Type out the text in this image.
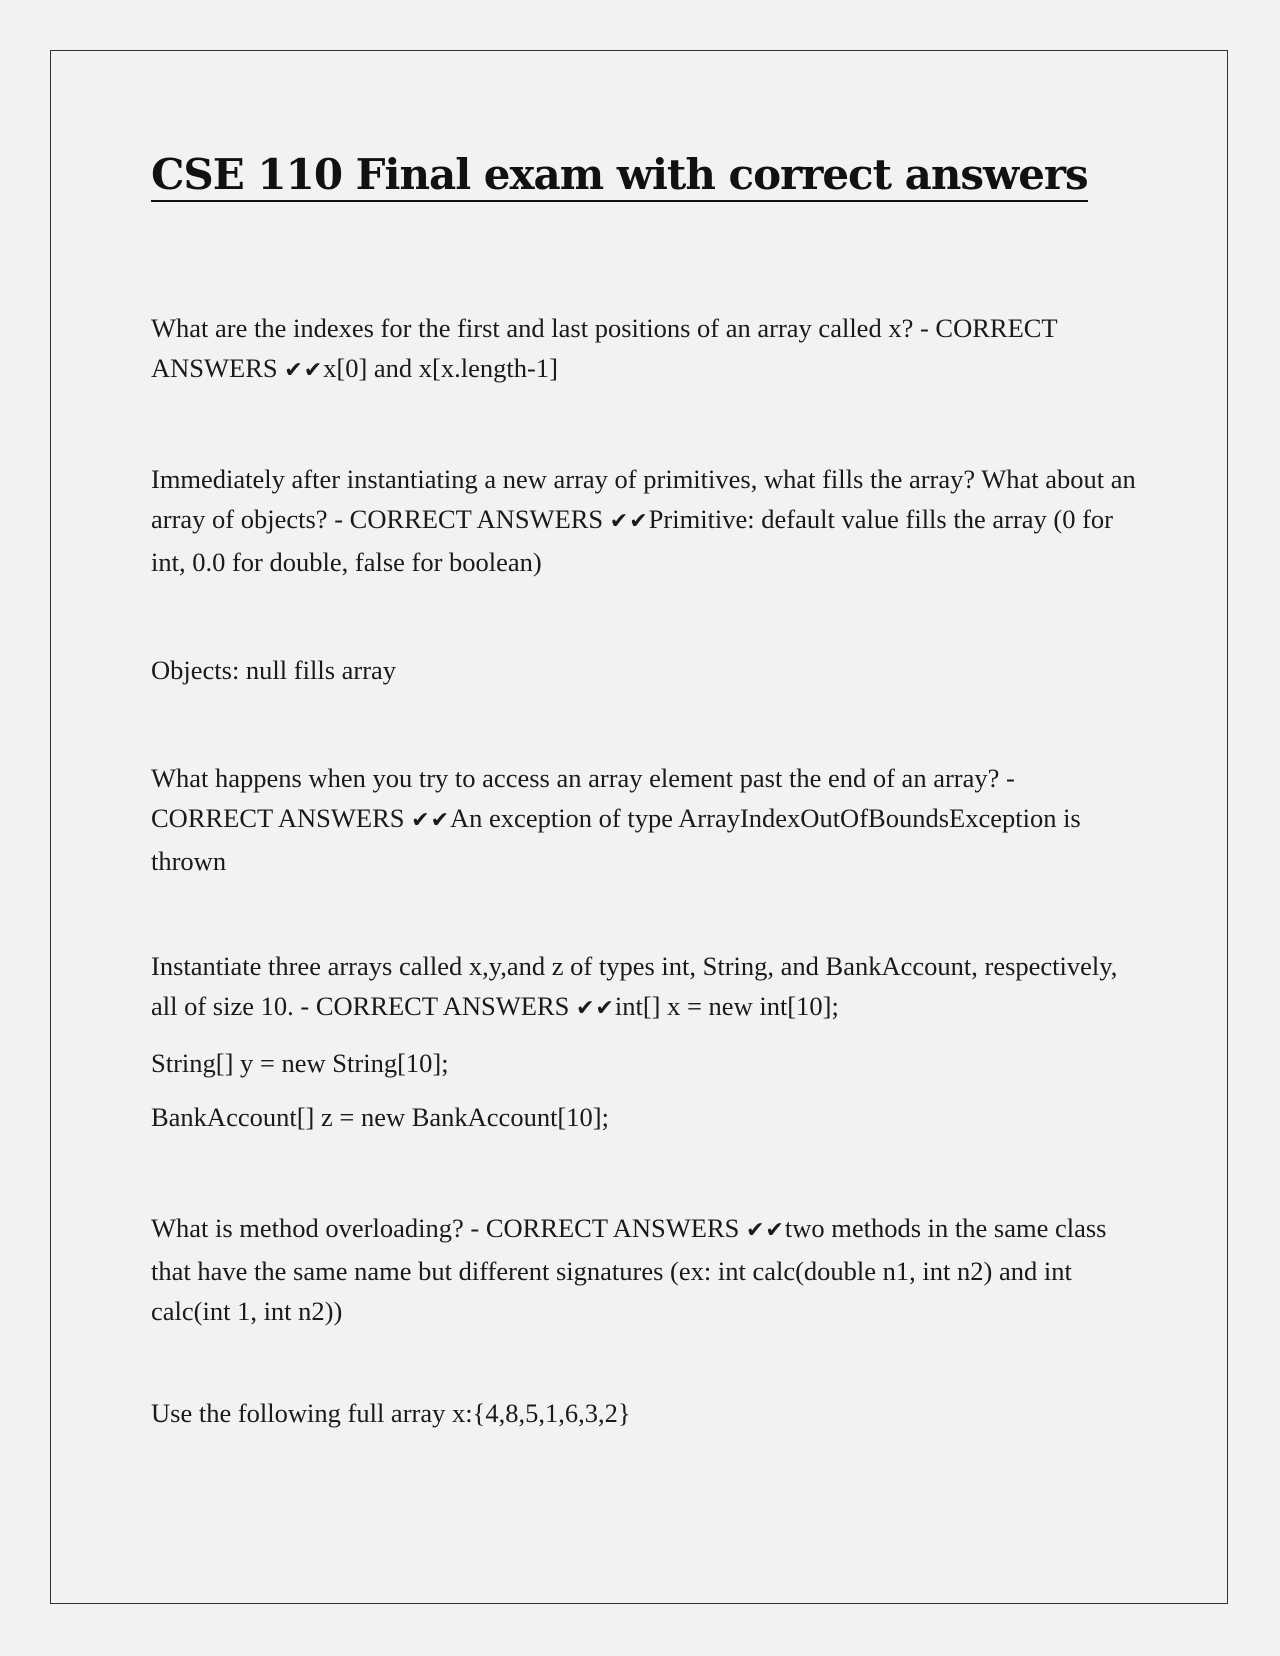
CSE 110 Final exam with correct answers

What are the indexes for the first and last positions of an array called x? - CORRECT ANSWERS ✔✔x[0] and x[x.length-1]

Immediately after instantiating a new array of primitives, what fills the array? What about an array of objects? - CORRECT ANSWERS ✔✔Primitive: default value fills the array (0 for int, 0.0 for double, false for boolean)

Objects: null fills array

What happens when you try to access an array element past the end of an array? - CORRECT ANSWERS ✔✔An exception of type ArrayIndexOutOfBoundsException is thrown

Instantiate three arrays called x,y,and z of types int, String, and BankAccount, respectively, all of size 10. - CORRECT ANSWERS ✔✔int[] x = new int[10];

String[] y = new String[10];

BankAccount[] z = new BankAccount[10];

What is method overloading? - CORRECT ANSWERS ✔✔two methods in the same class that have the same name but different signatures (ex: int calc(double n1, int n2) and int calc(int 1, int n2))

Use the following full array x:{4,8,5,1,6,3,2}
